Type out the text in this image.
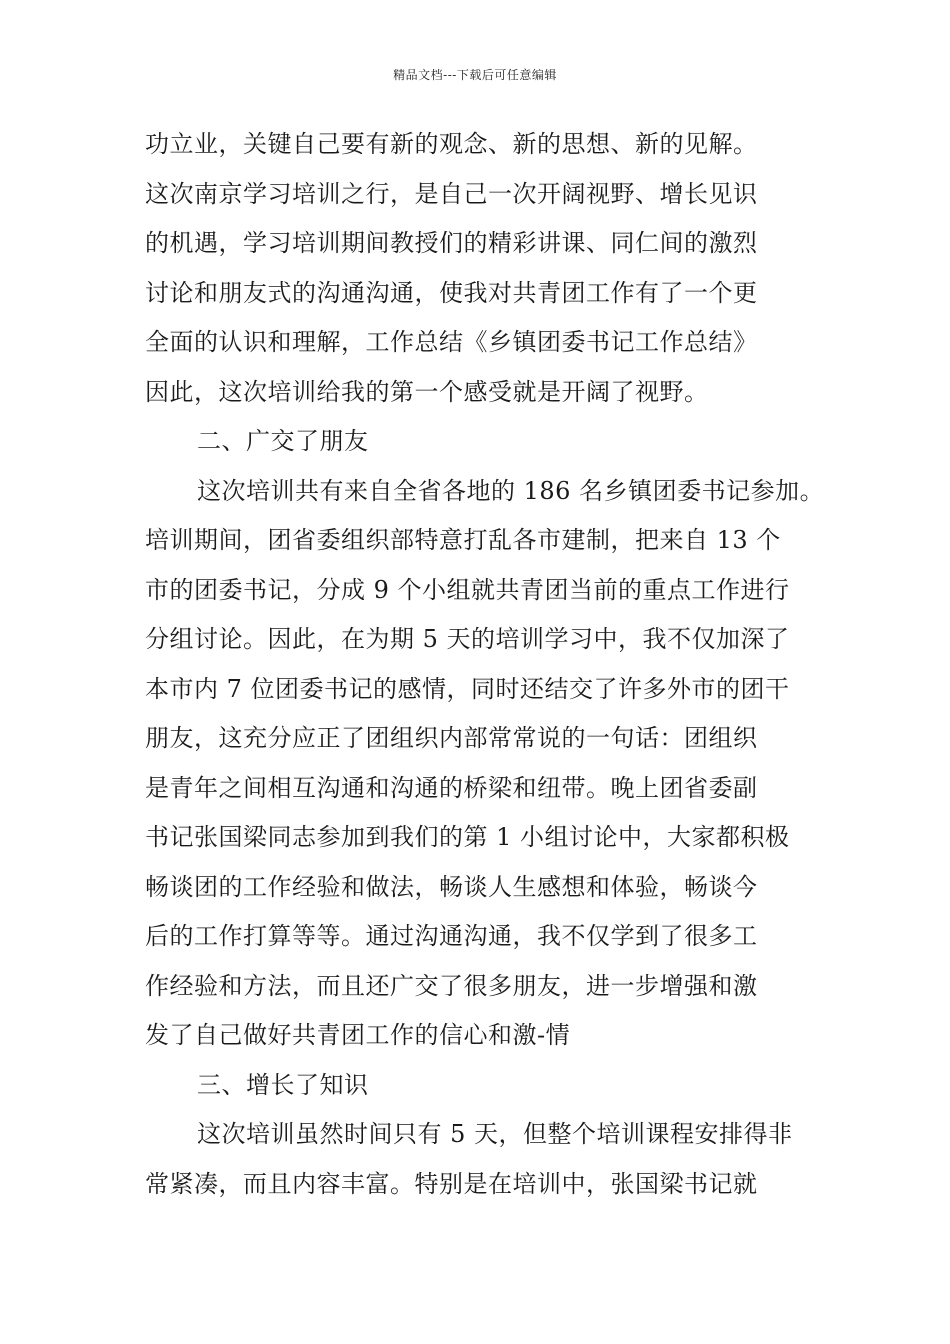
精品文档---下载后可任意编辑
功立业，关键自己要有新的观念、新的思想、新的见解。
这次南京学习培训之行，是自己一次开阔视野、增长见识
的机遇，学习培训期间教授们的精彩讲课、同仁间的激烈
讨论和朋友式的沟通沟通，使我对共青团工作有了一个更
全面的认识和理解，工作总结《乡镇团委书记工作总结》
因此，这次培训给我的第一个感受就是开阔了视野。
二、广交了朋友
这次培训共有来自全省各地的 186 名乡镇团委书记参加。
培训期间，团省委组织部特意打乱各市建制，把来自 13 个
市的团委书记，分成 9 个小组就共青团当前的重点工作进行
分组讨论。因此，在为期 5 天的培训学习中，我不仅加深了
本市内 7 位团委书记的感情，同时还结交了许多外市的团干
朋友，这充分应正了团组织内部常常说的一句话：团组织
是青年之间相互沟通和沟通的桥梁和纽带。晚上团省委副
书记张国梁同志参加到我们的第 1 小组讨论中，大家都积极
畅谈团的工作经验和做法，畅谈人生感想和体验，畅谈今
后的工作打算等等。通过沟通沟通，我不仅学到了很多工
作经验和方法，而且还广交了很多朋友，进一步增强和激
发了自己做好共青团工作的信心和激-情
三、增长了知识
这次培训虽然时间只有 5 天，但整个培训课程安排得非
常紧凑，而且内容丰富。特别是在培训中，张国梁书记就
